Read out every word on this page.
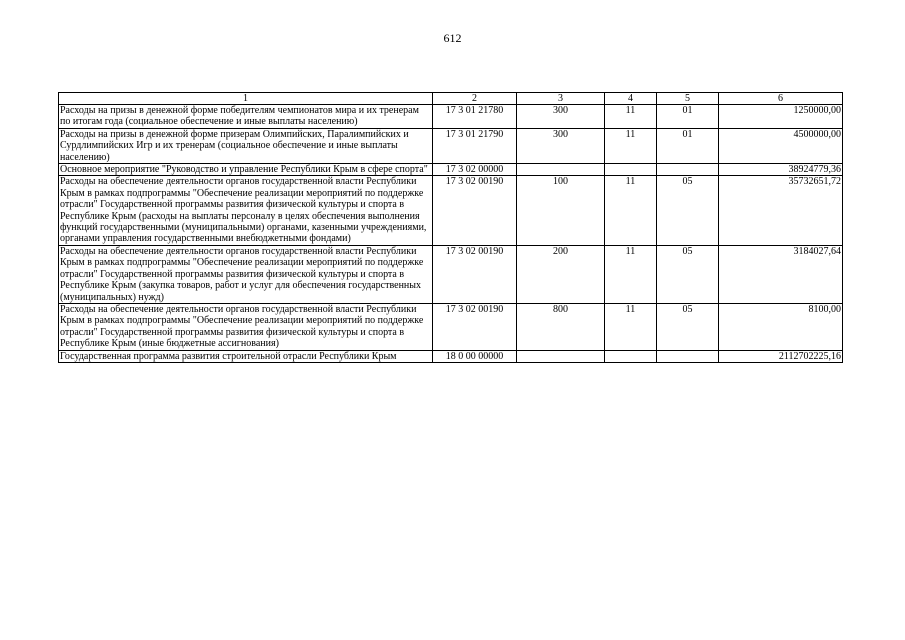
612
1	2	3	4	5	6
Расходы на призы в денежной форме победителям чемпионатов мира и их тренерам по итогам года (социальное обеспечение и иные выплаты населению)	17 3 01 21780	300	11	01	1250000,00
Расходы на призы в денежной форме призерам Олимпийских, Паралимпийских и Сурдлимпийских Игр и их тренерам (социальное обеспечение и иные выплаты населению)	17 3 01 21790	300	11	01	4500000,00
Основное мероприятие "Руководство и управление Республики Крым в сфере спорта"	17 3 02 00000				38924779,36
Расходы на обеспечение деятельности органов государственной власти Республики Крым в рамках подпрограммы "Обеспечение реализации мероприятий по поддержке отрасли" Государственной программы развития физической культуры и спорта в Республике Крым (расходы на выплаты персоналу в целях обеспечения выполнения функций государственными (муниципальными) органами, казенными учреждениями, органами управления государственными внебюджетными фондами)	17 3 02 00190	100	11	05	35732651,72
Расходы на обеспечение деятельности органов государственной власти Республики Крым в рамках подпрограммы "Обеспечение реализации мероприятий по поддержке отрасли" Государственной программы развития физической культуры и спорта в Республике Крым (закупка товаров, работ и услуг для обеспечения государственных (муниципальных) нужд)	17 3 02 00190	200	11	05	3184027,64
Расходы на обеспечение деятельности органов государственной власти Республики Крым в рамках подпрограммы "Обеспечение реализации мероприятий по поддержке отрасли" Государственной программы развития физической культуры и спорта в Республике Крым (иные бюджетные ассигнования)	17 3 02 00190	800	11	05	8100,00
Государственная программа развития строительной отрасли Республики Крым	18 0 00 00000				2112702225,16
